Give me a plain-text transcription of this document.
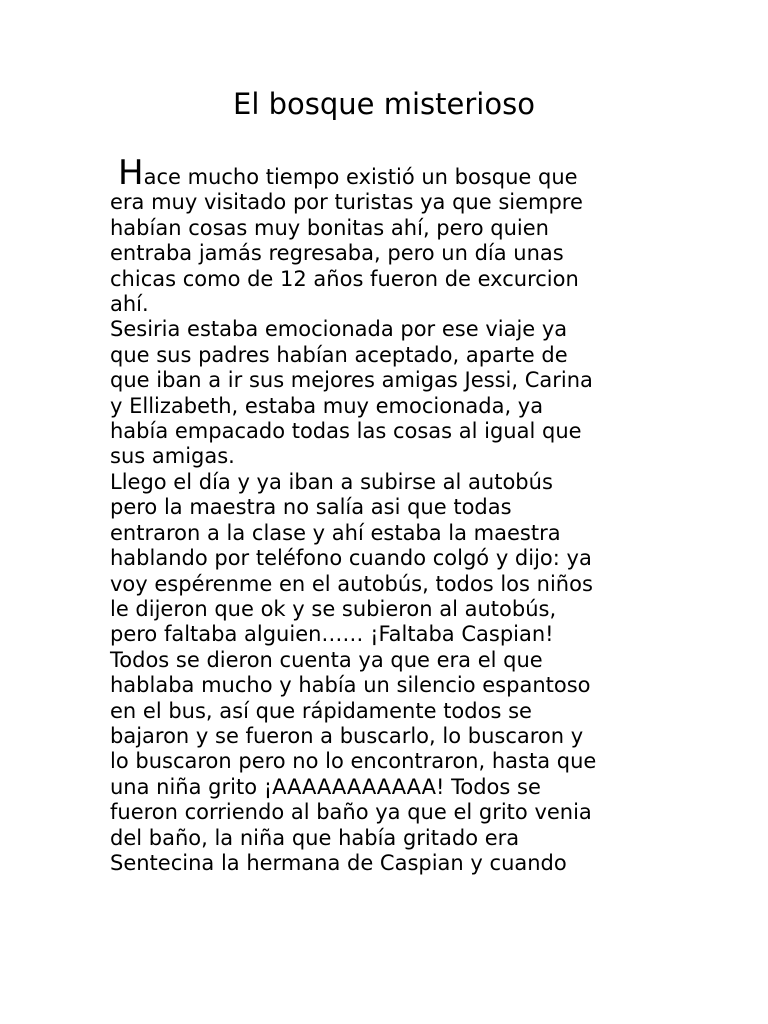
El bosque misterioso

Hace mucho tiempo existió un bosque que
era muy visitado por turistas ya que siempre
habían cosas muy bonitas ahí, pero quien
entraba jamás regresaba, pero un día unas
chicas como de 12 años fueron de excurcion
ahí.

Sesiria estaba emocionada por ese viaje ya
que sus padres habían aceptado, aparte de
que iban a ir sus mejores amigas Jessi, Carina
y Ellizabeth, estaba muy emocionada, ya
había empacado todas las cosas al igual que
sus amigas.

Llego el día y ya iban a subirse al autobús
pero la maestra no salía asi que todas
entraron a la clase y ahí estaba la maestra
hablando por teléfono cuando colgó y dijo: ya
voy espérenme en el autobús, todos los niños
le dijeron que ok y se subieron al autobús,
pero faltaba alguien…… ¡Faltaba Caspian!
Todos se dieron cuenta ya que era el que
hablaba mucho y había un silencio espantoso
en el bus, así que rápidamente todos se
bajaron y se fueron a buscarlo, lo buscaron y
lo buscaron pero no lo encontraron, hasta que
una niña grito ¡AAAAAAAAAAA! Todos se
fueron corriendo al baño ya que el grito venia
del baño, la niña que había gritado era
Sentecina la hermana de Caspian y cuando
